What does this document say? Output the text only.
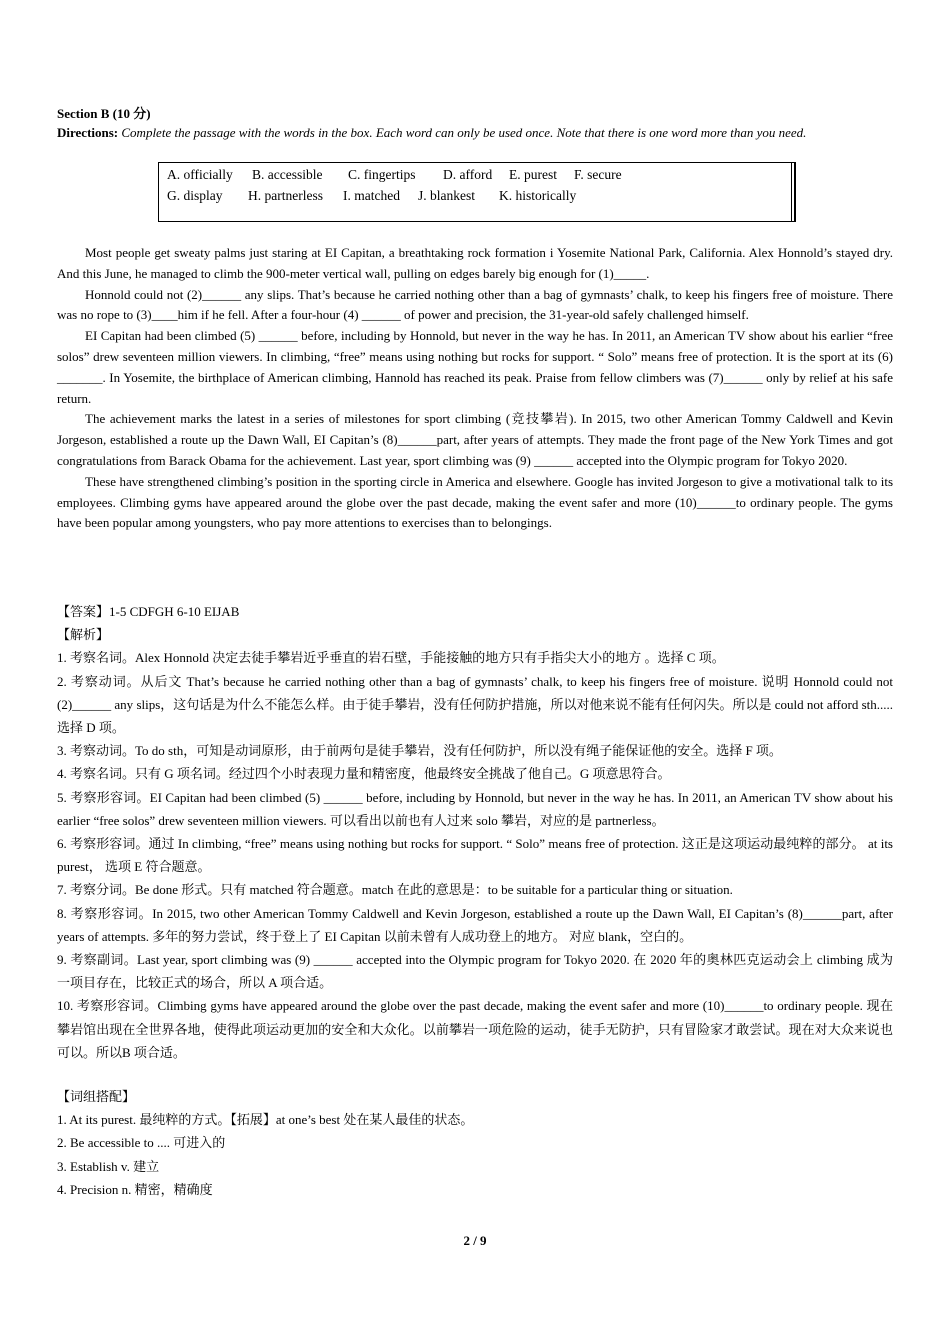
Section B (10 分)
Directions: Complete the passage with the words in the box. Each word can only be used once. Note that there is one word more than you need.
A. officially B. accessible C. fingertips D. afford E. purest F. secure
G. display H. partnerless I. matched J. blankest K. historically

Most people get sweaty palms just staring at EI Capitan, a breathtaking rock formation i Yosemite National Park, California. Alex Honnold’s stayed dry. And this June, he managed to climb the 900-meter vertical wall, pulling on edges barely big enough for (1)_____.

Honnold could not (2)______ any slips. That’s because he carried nothing other than a bag of gymnasts’ chalk, to keep his fingers free of moisture. There was no rope to (3)____him if he fell. After a four-hour (4) ______ of power and precision, the 31-year-old safely challenged himself.

EI Capitan had been climbed (5) ______ before, including by Honnold, but never in the way he has. In 2011, an American TV show about his earlier “free solos” drew seventeen million viewers. In climbing, “free” means using nothing but rocks for support. “ Solo” means free of protection. It is the sport at its (6) _______. In Yosemite, the birthplace of American climbing, Hannold has reached its peak. Praise from fellow climbers was (7)______ only by relief at his safe return.

The achievement marks the latest in a series of milestones for sport climbing (竞技攀岩). In 2015, two other American Tommy Caldwell and Kevin Jorgeson, established a route up the Dawn Wall, EI Capitan’s (8)______part, after years of attempts. They made the front page of the New York Times and got congratulations from Barack Obama for the achievement. Last year, sport climbing was (9) ______ accepted into the Olympic program for Tokyo 2020.

These have strengthened climbing’s position in the sporting circle in America and elsewhere. Google has invited Jorgeson to give a motivational talk to its employees. Climbing gyms have appeared around the globe over the past decade, making the event safer and more (10)______to ordinary people. The gyms have been popular among youngsters, who pay more attentions to exercises than to belongings.

【答案】1-5 CDFGH 6-10 EIJAB

【解析】

1. 考察名词。Alex Honnold 决定去徒手攀岩近乎垂直的岩石壁，手能接触的地方只有手指尖大小的地方 。选择 C 项。

2. 考察动词。从后文 That’s because he carried nothing other than a bag of gymnasts’ chalk, to keep his fingers free of moisture. 说明 Honnold could not (2)______ any slips，这句话是为什么不能怎么样。由于徒手攀岩，没有任何防护措施，所以对他来说不能有任何闪失。所以是 could not afford sth.....选择 D 项。

3. 考察动词。To do sth，可知是动词原形，由于前两句是徒手攀岩，没有任何防护，所以没有绳子能保证他的安全。选择 F 项。

4. 考察名词。只有 G 项名词。经过四个小时表现力量和精密度，他最终安全挑战了他自己。G 项意思符合。

5. 考察形容词。EI Capitan had been climbed (5) ______ before, including by Honnold, but never in the way he has. In 2011, an American TV show about his earlier “free solos” drew seventeen million viewers. 可以看出以前也有人过来 solo 攀岩，对应的是 partnerless。

6. 考察形容词。通过 In climbing, “free” means using nothing but rocks for support. “ Solo” means free of protection. 这正是这项运动最纯粹的部分。 at its purest， 选项 E 符合题意。

7. 考察分词。Be done 形式。只有 matched 符合题意。match 在此的意思是：to be suitable for a particular thing or situation.

8. 考察形容词。In 2015, two other American Tommy Caldwell and Kevin Jorgeson, established a route up the Dawn Wall, EI Capitan’s (8)______part, after years of attempts. 多年的努力尝试，终于登上了 EI Capitan 以前未曾有人成功登上的地方。 对应 blank，空白的。

9. 考察副词。Last year, sport climbing was (9) ______ accepted into the Olympic program for Tokyo 2020. 在 2020 年的奥林匹克运动会上 climbing 成为一项目存在，比较正式的场合，所以 A 项合适。

10. 考察形容词。Climbing gyms have appeared around the globe over the past decade, making the event safer and more (10)______to ordinary people. 现在攀岩馆出现在全世界各地，使得此项运动更加的安全和大众化。以前攀岩一项危险的运动，徒手无防护，只有冒险家才敢尝试。现在对大众来说也可以。所以B 项合适。

【词组搭配】

1. At its purest. 最纯粹的方式。【拓展】at one’s best 处在某人最佳的状态。

2. Be accessible to .... 可进入的

3. Establish v. 建立

4. Precision n. 精密，精确度

2 / 9
